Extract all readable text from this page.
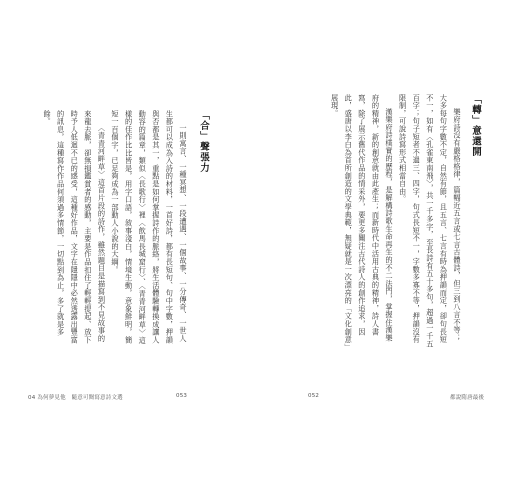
「合」聲張力

一則寓言、一種冥想、一段遭遇、一個故事、一分傳奇、一世人生都可以成為入詩的材料，一首好詩，都有長短句、句中字數，押韻與否都是其一，重點是如何掌握詩作的脈絡，將生活體驗轉換成讓人動容的篇章，類似〈長歌行〉裡〈飲馬長城窟行〉、〈青青河畔草〉這樣的佳作比比皆是，用字口語，敘事淺白，情境生動，意象鮮明，簡短一百個字，已足夠成為一部動人小說的大綱。

〈青青河畔草〉這首片段的詩作，雖然題目是描寫到不見故事的來龍去脈，卻無損鑑賞者的感動，主要是作品扣住了輕輕提起、放下時予人低迴不已的感受，這種好作品，文字在隱隱中必然透露出豐富的訊息，這種寫作作品何須過多情節，一切點到為止，多了就是多餘。

04 為何夢見他　隨意可閱寫意詩文選	053
「轉」意還開

樂府詩沒有嚴格格律，篇幅近五言或七言古體詩，但三到八言不等；大多每句字數不定，自然有節，且五言、七言有時為押韻而定，卻句長短不一，如有〈孔雀東南飛〉，共一千多字，至長詩有五十多句，超過一千五百字；句子短者不過三、四字，句式長短不一，字數多寡不等，押韻沒有限制，可說詩寫形式相當自由。

漢樂府詩樸實的歷程，是解構詩歌生命再生的不二法門，掌握住漢樂府的精神，新的創意就由此產生；而新時代中活用古典的精神，詩人書寫，除了展示舊代作品的情采外，要更多關注古代詩人的創作追求，因此，盛唐以李白為首所創造的文學典範，無疑就是一次漂亮的「文化創意」展現。

052	都說隋唐最後
